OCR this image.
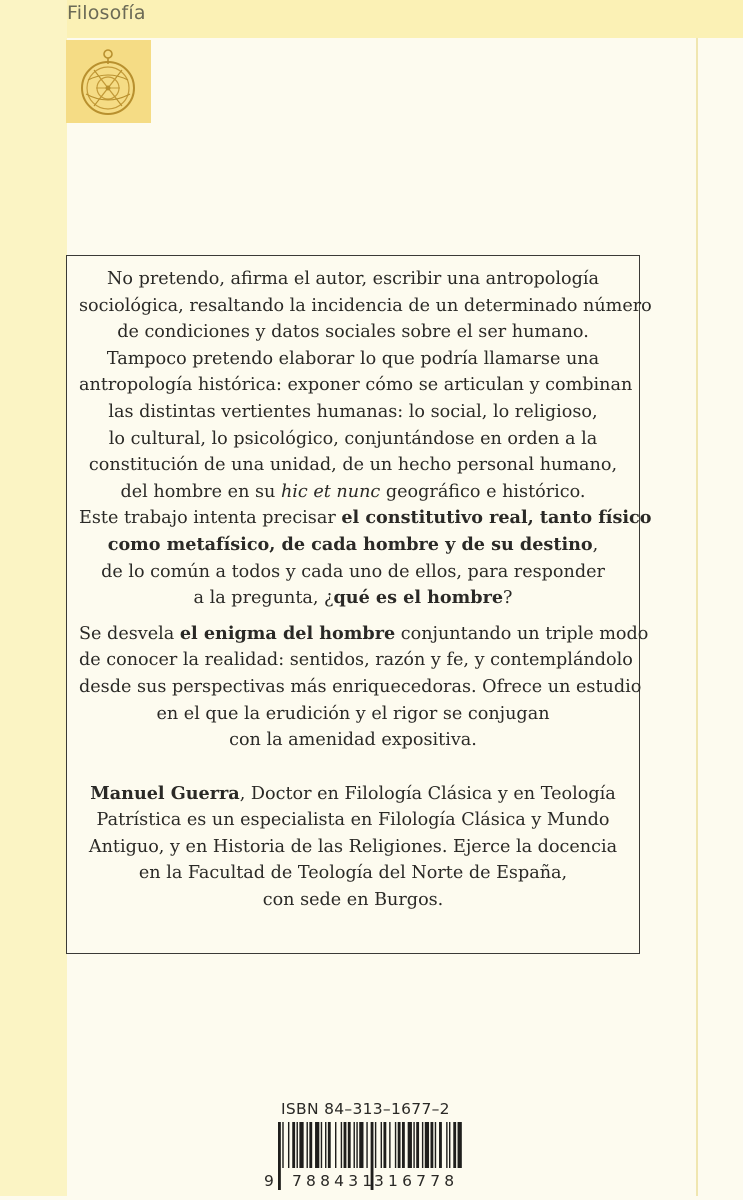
Filosofía

No pretendo, afirma el autor, escribir una antropología
sociológica, resaltando la incidencia de un determinado número
de condiciones y datos sociales sobre el ser humano.
Tampoco pretendo elaborar lo que podría llamarse una
antropología histórica: exponer cómo se articulan y combinan
las distintas vertientes humanas: lo social, lo religioso,
lo cultural, lo psicológico, conjuntándose en orden a la
constitución de una unidad, de un hecho personal humano,
del hombre en su hic et nunc geográfico e histórico.
Este trabajo intenta precisar el constitutivo real, tanto físico
como metafísico, de cada hombre y de su destino,
de lo común a todos y cada uno de ellos, para responder
a la pregunta, ¿qué es el hombre?

Se desvela el enigma del hombre conjuntando un triple modo
de conocer la realidad: sentidos, razón y fe, y contemplándolo
desde sus perspectivas más enriquecedoras. Ofrece un estudio
en el que la erudición y el rigor se conjugan
con la amenidad expositiva.

Manuel Guerra, Doctor en Filología Clásica y en Teología
Patrística es un especialista en Filología Clásica y Mundo
Antiguo, y en Historia de las Religiones. Ejerce la docencia
en la Facultad de Teología del Norte de España,
con sede en Burgos.

ISBN 84–313–1677–2
9 788431
316778
